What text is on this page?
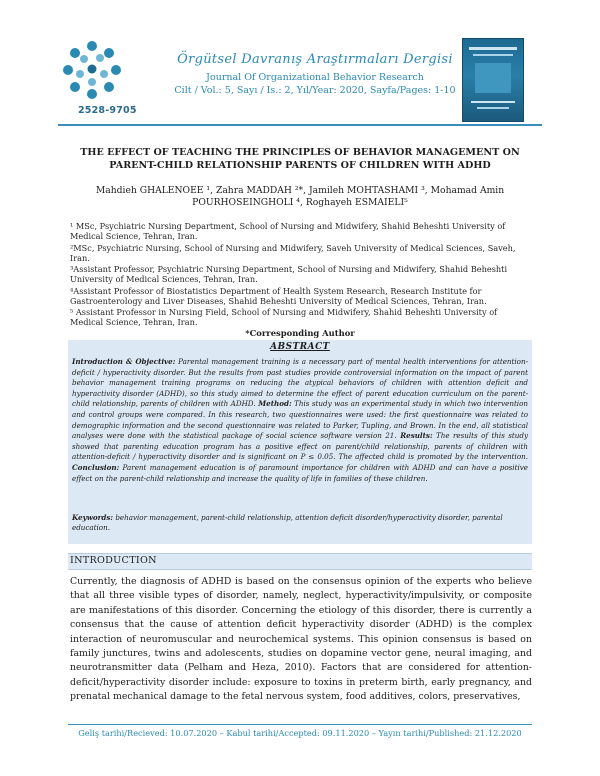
2528-9705
Örgütsel Davranış Araştırmaları Dergisi
Journal Of Organizational Behavior Research
Cilt / Vol.: 5, Sayı / Is.: 2, Yıl/Year: 2020, Sayfa/Pages: 1-10
THE EFFECT OF TEACHING THE PRINCIPLES OF BEHAVIOR MANAGEMENT ON
PARENT-CHILD RELATIONSHIP PARENTS OF CHILDREN WITH ADHD
Mahdieh GHALENOEE ¹, Zahra MADDAH ²*, Jamileh MOHTASHAMI ³, Mohamad Amin
POURHOSEINGHOLI ⁴, Roghayeh ESMAIELI⁵

¹ MSc, Psychiatric Nursing Department, School of Nursing and Midwifery, Shahid Beheshti University of Medical Science, Tehran, Iran.

²MSc, Psychiatric Nursing, School of Nursing and Midwifery, Saveh University of Medical Sciences, Saveh, Iran.

³Assistant Professor, Psychiatric Nursing Department, School of Nursing and Midwifery, Shahid Beheshti University of Medical Sciences, Tehran, Iran.

⁴Assistant Professor of Biostatistics Department of Health System Research, Research Institute for Gastroenterology and Liver Diseases, Shahid Beheshti University of Medical Sciences, Tehran, Iran.

⁵ Assistant Professor in Nursing Field, School of Nursing and Midwifery, Shahid Beheshti University of Medical Science, Tehran, Iran.

*Corresponding Author
ABSTRACT
Introduction & Objective: Parental management training is a necessary part of mental health interventions for attention-deficit / hyperactivity disorder. But the results from past studies provide controversial information on the impact of parent behavior management training programs on reducing the atypical behaviors of children with attention deficit and hyperactivity disorder (ADHD), so this study aimed to determine the effect of parent education curriculum on the parent-child relationship, parents of children with ADHD. Method: This study was an experimental study in which two intervention and control groups were compared. In this research, two questionnaires were used: the first questionnaire was related to demographic information and the second questionnaire was related to Parker, Tupling, and Brown. In the end, all statistical analyses were done with the statistical package of social science software version 21. Results: The results of this study showed that parenting education program has a positive effect on parent/child relationship, parents of children with attention-deficit / hyperactivity disorder and is significant on P ≤ 0.05. The affected child is promoted by the intervention. Conclusion: Parent management education is of paramount importance for children with ADHD and can have a positive effect on the parent-child relationship and increase the quality of life in families of these children.
Keywords: behavior management, parent-child relationship, attention deficit disorder/hyperactivity disorder, parental education.
INTRODUCTION
Currently, the diagnosis of ADHD is based on the consensus opinion of the experts who believe that all three visible types of disorder, namely, neglect, hyperactivity/impulsivity, or composite are manifestations of this disorder. Concerning the etiology of this disorder, there is currently a consensus that the cause of attention deficit hyperactivity disorder (ADHD) is the complex interaction of neuromuscular and neurochemical systems. This opinion consensus is based on family junctures, twins and adolescents, studies on dopamine vector gene, neural imaging, and neurotransmitter data (Pelham and Heza, 2010). Factors that are considered for attention-deficit/hyperactivity disorder include: exposure to toxins in preterm birth, early pregnancy, and prenatal mechanical damage to the fetal nervous system, food additives, colors, preservatives,
Geliş tarihi/Recieved: 10.07.2020 – Kabul tarihi/Accepted: 09.11.2020 – Yayın tarihi/Published: 21.12.2020
